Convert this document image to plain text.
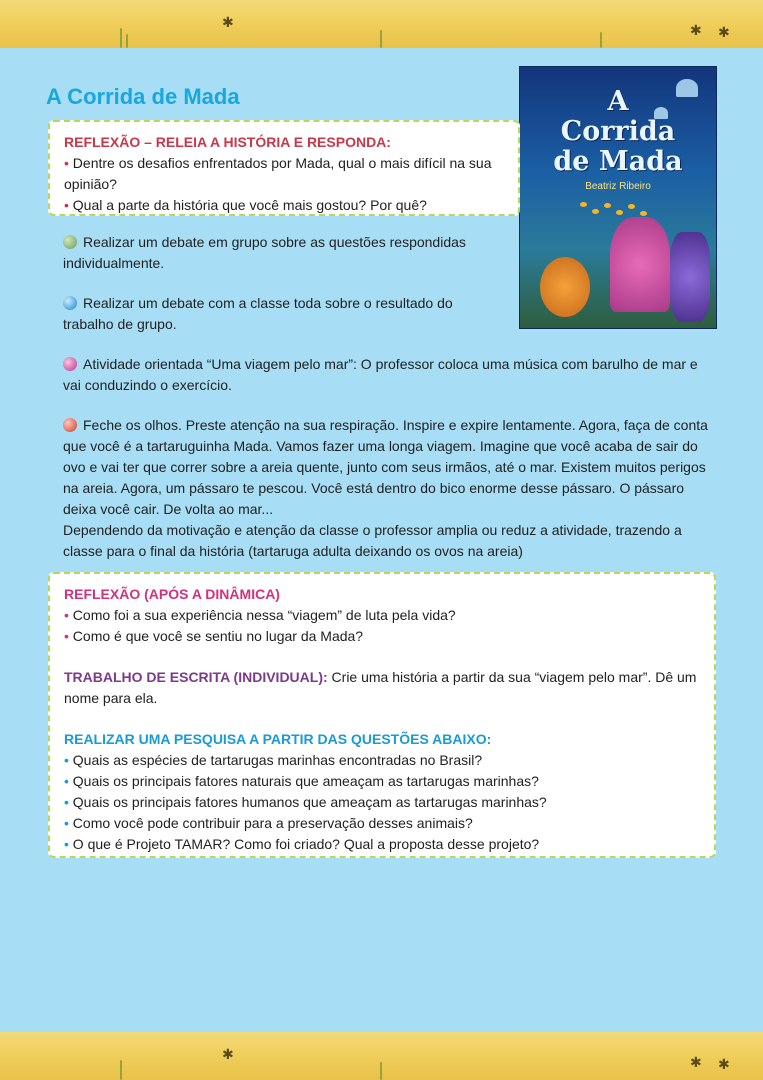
✱	✱ ✱
A Corrida de Mada	A
Corrida
de Mada
Beatriz Ribeiro

REFLEXÃO – RELEIA A HISTÓRIA E RESPONDA:

• Dentre os desafios enfrentados por Mada, qual o mais difícil na sua opinião?
• Qual a parte da história que você mais gostou? Por quê?
Realizar um debate em grupo sobre as questões respondidas individualmente.
Realizar um debate com a classe toda sobre o resultado do trabalho de grupo.
Atividade orientada “Uma viagem pelo mar”: O professor coloca uma música com barulho de mar e vai conduzindo o exercício.
Feche os olhos. Preste atenção na sua respiração. Inspire e expire lentamente. Agora, faça de conta que você é a tartaruguinha Mada. Vamos fazer uma longa viagem. Imagine que você acaba de sair do ovo e vai ter que correr sobre a areia quente, junto com seus irmãos, até o mar. Existem muitos perigos na areia. Agora, um pássaro te pescou. Você está dentro do bico enorme desse pássaro. O pássaro deixa você cair. De volta ao mar...
Dependendo da motivação e atenção da classe o professor amplia ou reduz a atividade, trazendo a classe para o final da história (tartaruga adulta deixando os ovos na areia)

REFLEXÃO (APÓS A DINÂMICA)

• Como foi a sua experiência nessa “viagem” de luta pela vida?
• Como é que você se sentiu no lugar da Mada?

TRABALHO DE ESCRITA (INDIVIDUAL): Crie uma história a partir da sua “viagem pelo mar”. Dê um nome para ela.

REALIZAR UMA PESQUISA A PARTIR DAS QUESTÕES ABAIXO:

• Quais as espécies de tartarugas marinhas encontradas no Brasil?
• Quais os principais fatores naturais que ameaçam as tartarugas marinhas?
• Quais os principais fatores humanos que ameaçam as tartarugas marinhas?
• Como você pode contribuir para a preservação desses animais?
• O que é Projeto TAMAR? Como foi criado? Qual a proposta desse projeto?
✱	✱ ✱
